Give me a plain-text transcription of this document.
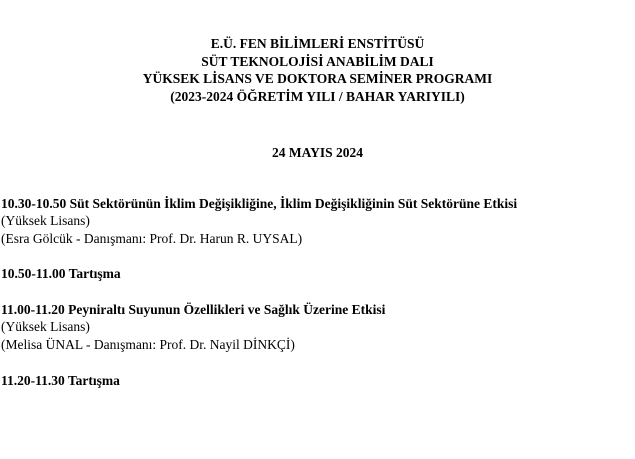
E.Ü. FEN BİLİMLERİ ENSTİTÜSÜ
SÜT TEKNOLOJİSİ ANABİLİM DALI
YÜKSEK LİSANS VE DOKTORA SEMİNER PROGRAMI
(2023-2024 ÖĞRETİM YILI / BAHAR YARIYILI)
24 MAYIS 2024
10.30-10.50 Süt Sektörünün İklim Değişikliğine, İklim Değişikliğinin Süt Sektörüne Etkisi
(Yüksek Lisans)
(Esra Gölcük - Danışmanı: Prof. Dr. Harun R. UYSAL)
10.50-11.00 Tartışma
11.00-11.20 Peyniraltı Suyunun Özellikleri ve Sağlık Üzerine Etkisi
(Yüksek Lisans)
(Melisa ÜNAL - Danışmanı: Prof. Dr. Nayil DİNKÇİ)
11.20-11.30 Tartışma
